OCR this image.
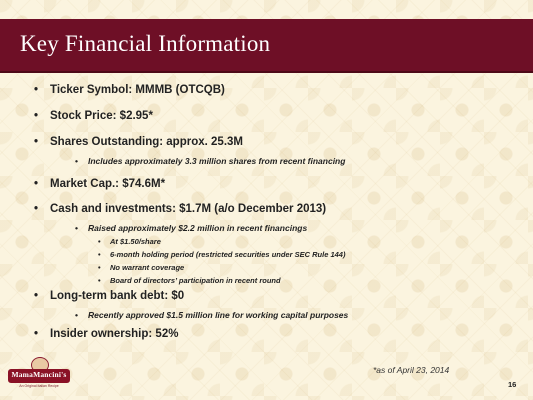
Key Financial Information
• Ticker Symbol: MMMB (OTCQB)
• Stock Price: $2.95*
• Shares Outstanding: approx. 25.3M
• Includes approximately 3.3 million shares from recent financing
• Market Cap.: $74.6M*
• Cash and investments: $1.7M (a/o December 2013)
• Raised approximately $2.2 million in recent financings
• At $1.50/share
• 6-month holding period (restricted securities under SEC Rule 144)
• No warrant coverage
• Board of directors’ participation in recent round
• Long-term bank debt: $0
• Recently approved $1.5 million line for working capital purposes
• Insider ownership: 52%
*as of April 23, 2014
16
MamaMancini's
An Original Italian Recipe
